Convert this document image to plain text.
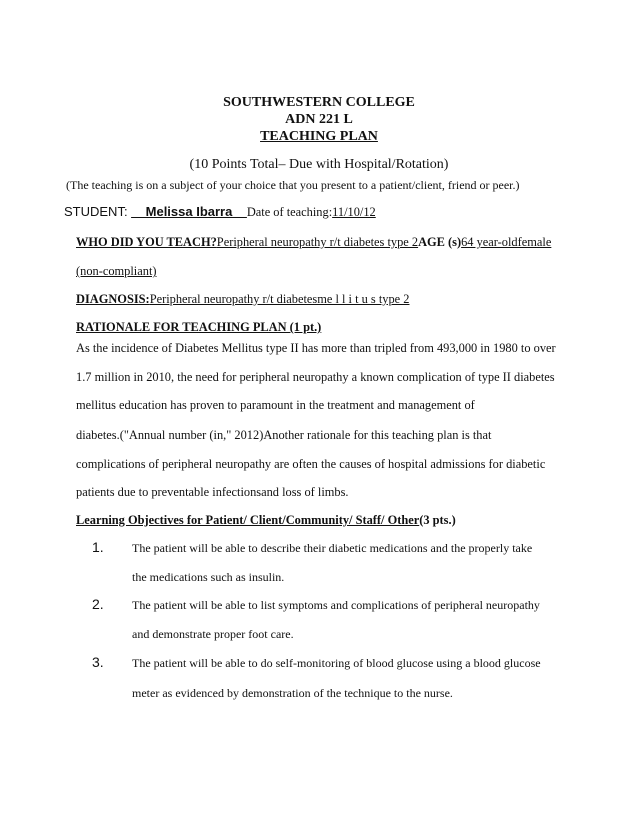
SOUTHWESTERN COLLEGE
ADN 221 L
TEACHING PLAN
(10 Points Total– Due with Hospital/Rotation)
(The teaching is on a subject of your choice that you present to a patient/client, friend or peer.)
STUDENT: __Melissa Ibarra__Date of teaching:11/10/12
WHO DID YOU TEACH?Peripheral neuropathy r/t diabetes type 2AGE (s)64 year-oldfemale
(non-compliant)
DIAGNOSIS:Peripheral neuropathy r/t diabetesme l l i t u s type 2
RATIONALE FOR TEACHING PLAN (1 pt.)
As the incidence of Diabetes Mellitus type II has more than tripled from 493,000 in 1980 to over
1.7 million in 2010, the need for peripheral neuropathy a known complication of type II diabetes
mellitus education has proven to paramount in the treatment and management of
diabetes.("Annual number (in," 2012)Another rationale for this teaching plan is that
complications of peripheral neuropathy are often the causes of hospital admissions for diabetic
patients due to preventable infectionsand loss of limbs.
Learning Objectives for Patient/ Client/Community/ Staff/ Other(3 pts.)
1. The patient will be able to describe their diabetic medications and the properly take
the medications such as insulin.
2. The patient will be able to list symptoms and complications of peripheral neuropathy
and demonstrate proper foot care.
3. The patient will be able to do self-monitoring of blood glucose using a blood glucose
meter as evidenced by demonstration of the technique to the nurse.
